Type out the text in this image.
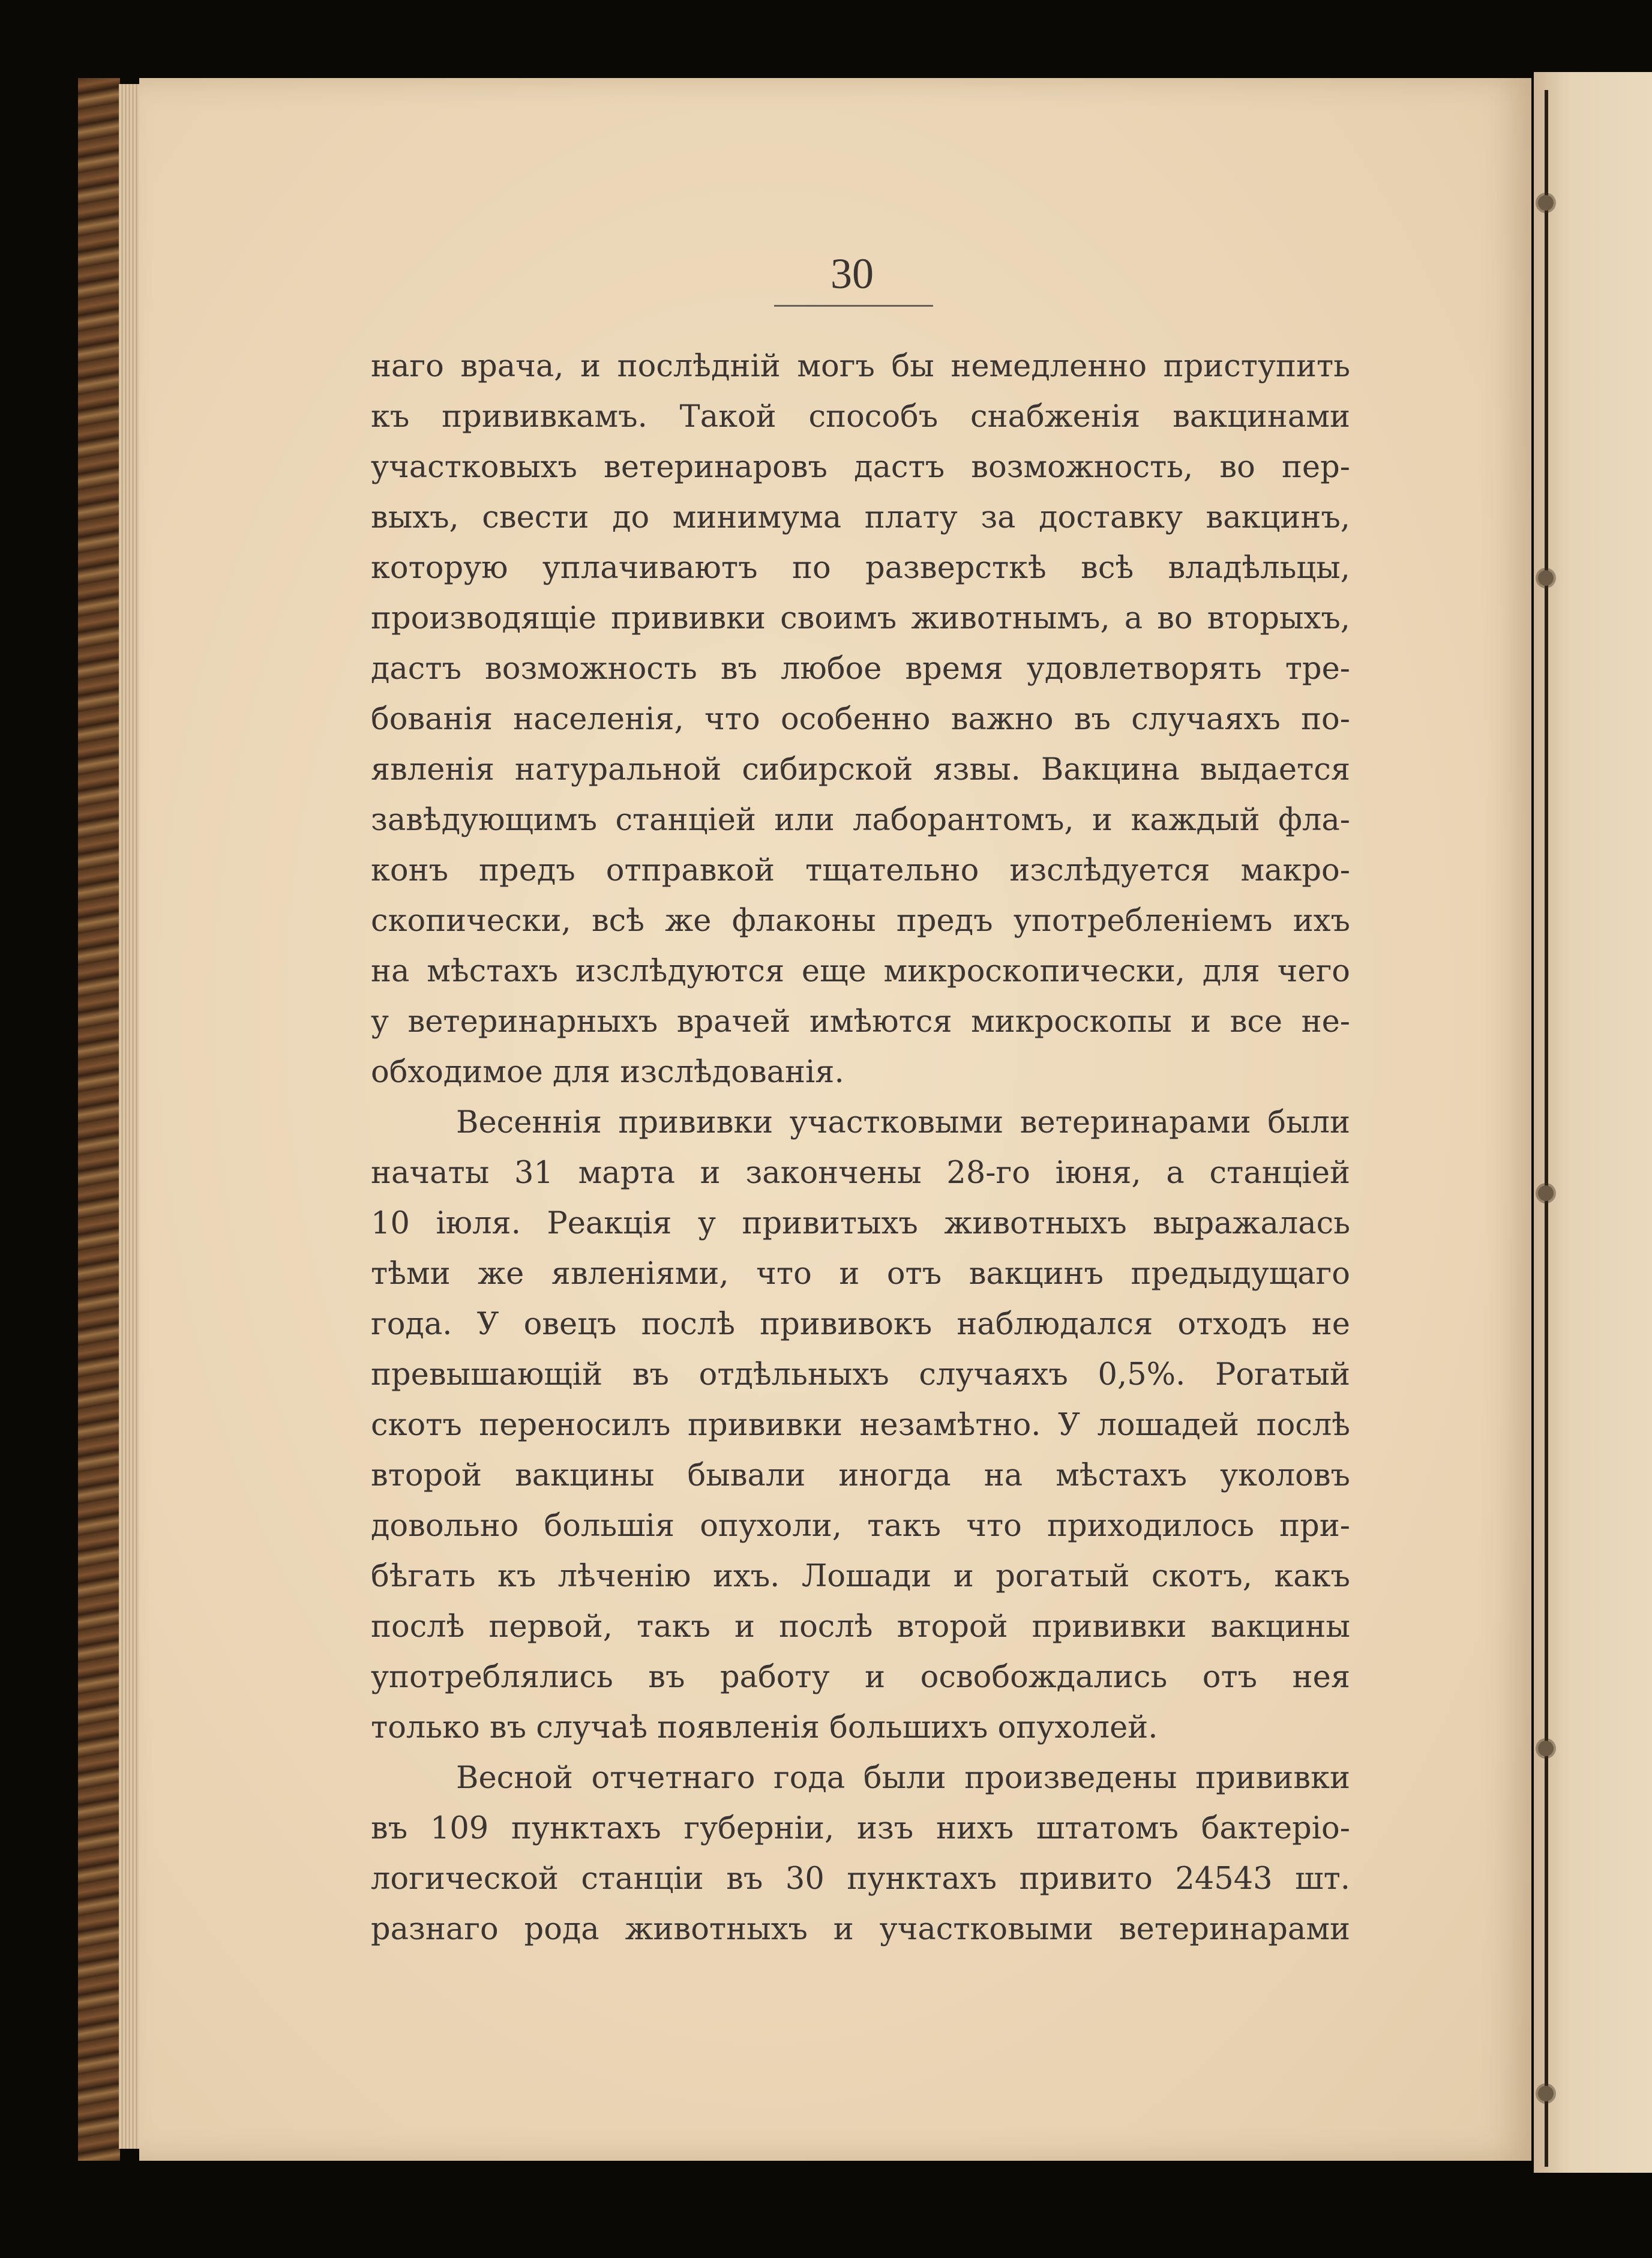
30
наго врача, и послѣднiй могъ бы немедленно приступить
къ прививкамъ. Такой способъ снабженiя вакцинами
участковыхъ ветеринаровъ дастъ возможность, во пер-
выхъ, свести до минимума плату за доставку вакцинъ,
которую уплачиваютъ по разверсткѣ всѣ владѣльцы,
производящiе прививки своимъ животнымъ, а во вторыхъ,
дастъ возможность въ любое время удовлетворять тре-
бованiя населенiя, что особенно важно въ случаяхъ по-
явленiя натуральной сибирской язвы. Вакцина выдается
завѣдующимъ станцiей или лаборантомъ, и каждый фла-
конъ предъ отправкой тщательно изслѣдуется макро-
скопически, всѣ же флаконы предъ употребленiемъ ихъ
на мѣстахъ изслѣдуются еще микроскопически, для чего
у ветеринарныхъ врачей имѣются микроскопы и все не-
обходимое для изслѣдованiя.
Весеннiя прививки участковыми ветеринарами были
начаты 31 марта и закончены 28-го iюня, а станцiей
10 iюля. Реакцiя у привитыхъ животныхъ выражалась
тѣми же явленiями, что и отъ вакцинъ предыдущаго
года. У овецъ послѣ прививокъ наблюдался отходъ не
превышающiй въ отдѣльныхъ случаяхъ 0,5%. Рогатый
скотъ переносилъ прививки незамѣтно. У лошадей послѣ
второй вакцины бывали иногда на мѣстахъ уколовъ
довольно большiя опухоли, такъ что приходилось при-
бѣгать къ лѣченiю ихъ. Лошади и рогатый скотъ, какъ
послѣ первой, такъ и послѣ второй прививки вакцины
употреблялись въ работу и освобождались отъ нея
только въ случаѣ появленiя большихъ опухолей.
Весной отчетнаго года были произведены прививки
въ 109 пунктахъ губернiи, изъ нихъ штатомъ бактерiо-
логической станцiи въ 30 пунктахъ привито 24543 шт.
разнаго рода животныхъ и участковыми ветеринарами
